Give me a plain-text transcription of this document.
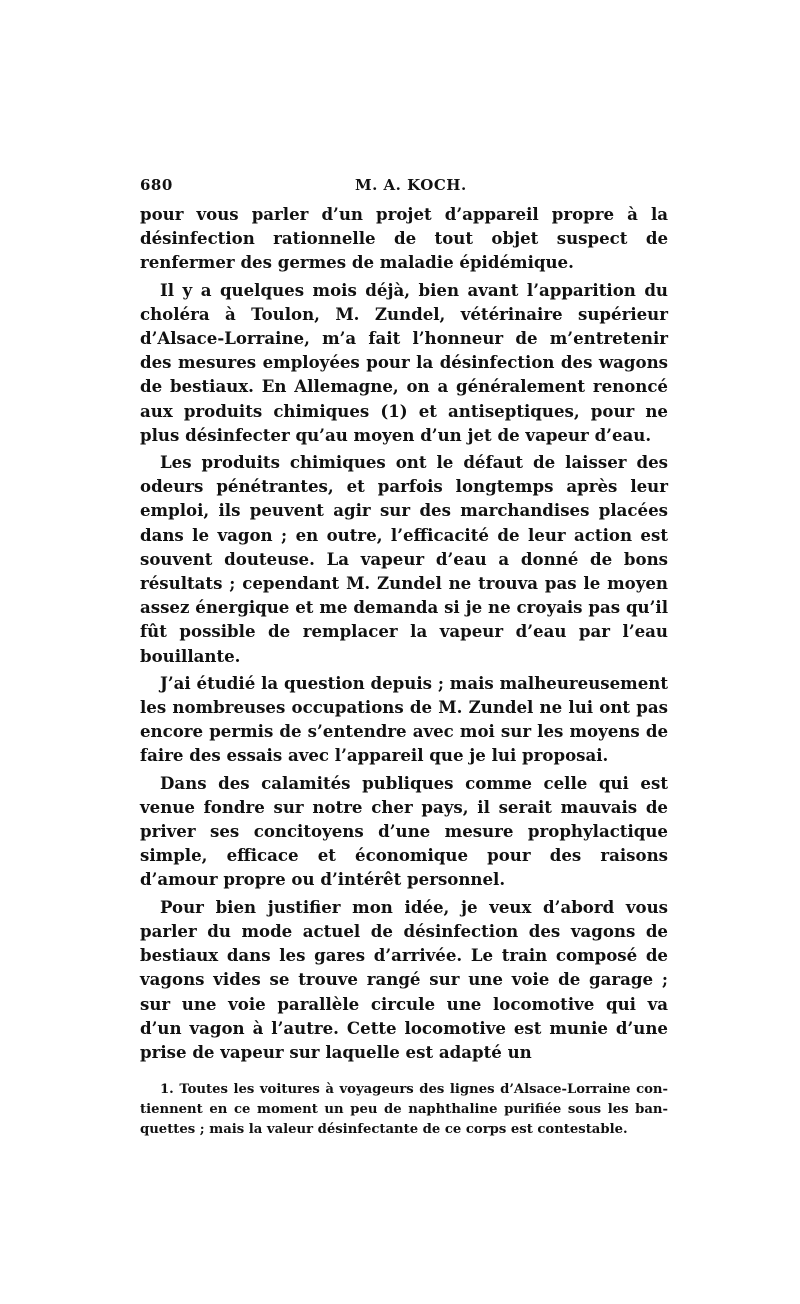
680	M. A. KOCH.

pour vous parler d’un projet d’appareil propre à la désinfection rationnelle de tout objet suspect de renfermer des germes de maladie épidémique.

Il y a quelques mois déjà, bien avant l’apparition du choléra à Toulon, M. Zundel, vétérinaire supérieur d’Alsace-Lorraine, m’a fait l’honneur de m’entretenir des mesures employées pour la désinfection des wagons de bestiaux. En Allemagne, on a généralement renoncé aux produits chimiques (1) et antiseptiques, pour ne plus désinfecter qu’au moyen d’un jet de vapeur d’eau.

Les produits chimiques ont le défaut de laisser des odeurs pénétrantes, et parfois longtemps après leur emploi, ils peuvent agir sur des marchandises placées dans le vagon ; en outre, l’efficacité de leur action est souvent douteuse. La vapeur d’eau a donné de bons résultats ; cependant M. Zundel ne trouva pas le moyen assez énergique et me demanda si je ne croyais pas qu’il fût possible de remplacer la vapeur d’eau par l’eau bouillante.

J’ai étudié la question depuis ; mais malheureusement les nombreuses occupations de M. Zundel ne lui ont pas encore permis de s’entendre avec moi sur les moyens de faire des essais avec l’appareil que je lui proposai.

Dans des calamités publiques comme celle qui est venue fondre sur notre cher pays, il serait mauvais de priver ses concitoyens d’une mesure prophylactique simple, efficace et économique pour des raisons d’amour propre ou d’intérêt personnel.

Pour bien justifier mon idée, je veux d’abord vous parler du mode actuel de désinfection des vagons de bestiaux dans les gares d’arrivée. Le train composé de vagons vides se trouve rangé sur une voie de garage ; sur une voie parallèle circule une locomotive qui va d’un vagon à l’autre. Cette locomotive est munie d’une prise de vapeur sur laquelle est adapté un

1. Toutes les voitures à voyageurs des lignes d’Alsace-Lorraine contiennent en ce moment un peu de naphthaline purifiée sous les banquettes ; mais la valeur désinfectante de ce corps est contestable.
